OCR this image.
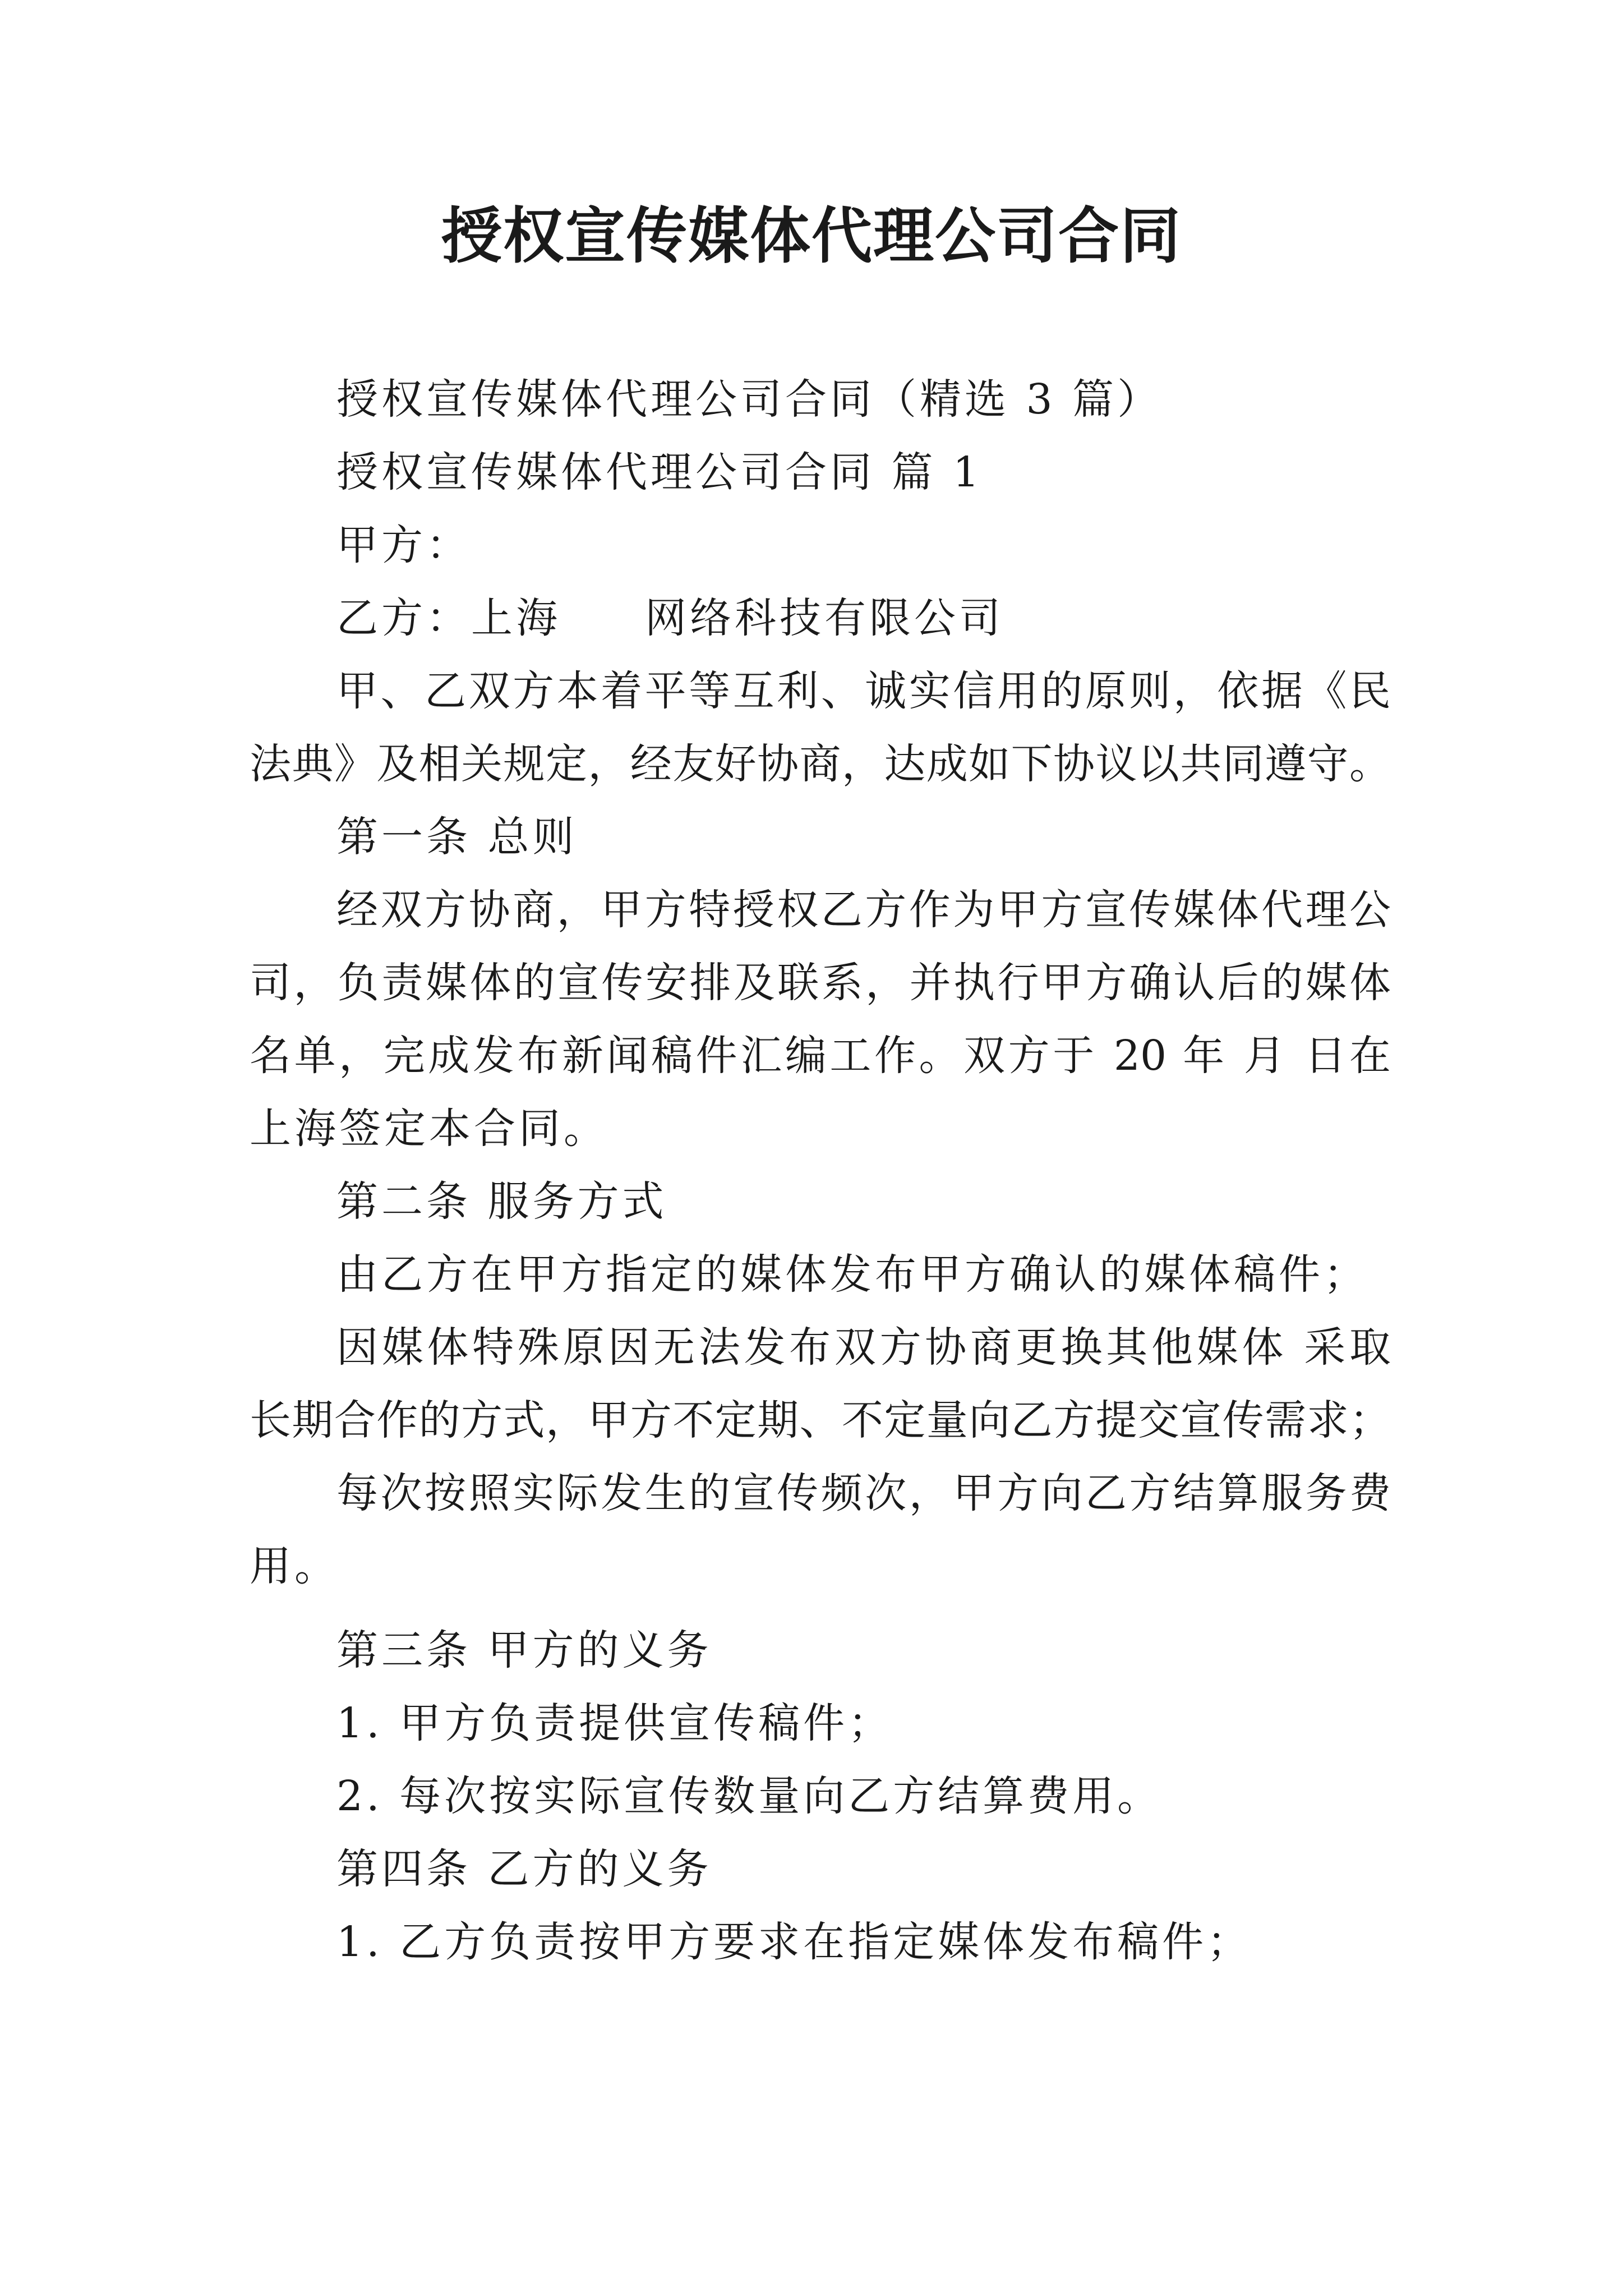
授权宣传媒体代理公司合同
授权宣传媒体代理公司合同（精选 3 篇）
授权宣传媒体代理公司合同 篇 1
甲方：
乙方：上海 网络科技有限公司
甲、乙双方本着平等互利、诚实信用的原则，依据《民
法典》及相关规定，经友好协商，达成如下协议以共同遵守。
第一条 总则
经双方协商，甲方特授权乙方作为甲方宣传媒体代理公
司，负责媒体的宣传安排及联系，并执行甲方确认后的媒体
名单，完成发布新闻稿件汇编工作。双方于 20 年 月 日在
上海签定本合同。
第二条 服务方式
由乙方在甲方指定的媒体发布甲方确认的媒体稿件；
因媒体特殊原因无法发布双方协商更换其他媒体 采取
长期合作的方式，甲方不定期、不定量向乙方提交宣传需求；
每次按照实际发生的宣传频次，甲方向乙方结算服务费
用。
第三条 甲方的义务
1. 甲方负责提供宣传稿件；
2. 每次按实际宣传数量向乙方结算费用。
第四条 乙方的义务
1. 乙方负责按甲方要求在指定媒体发布稿件；
